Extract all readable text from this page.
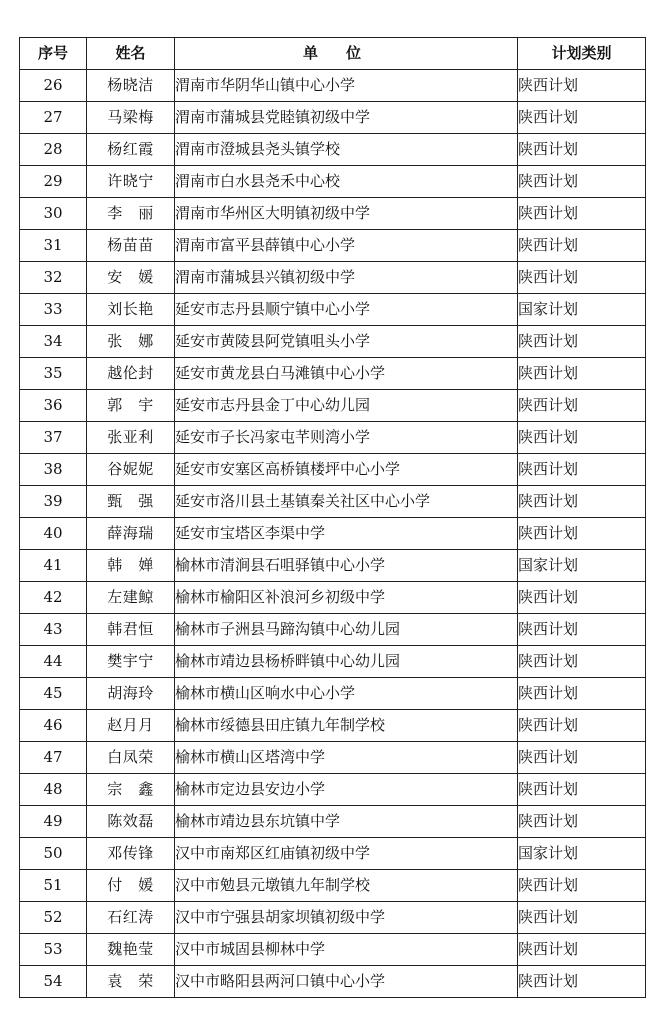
序号	姓名	单位	计划类别
26	杨晓洁	渭南市华阴华山镇中心小学	陕西计划
27	马梁梅	渭南市蒲城县党睦镇初级中学	陕西计划
28	杨红霞	渭南市澄城县尧头镇学校	陕西计划
29	许晓宁	渭南市白水县尧禾中心校	陕西计划
30	李　丽	渭南市华州区大明镇初级中学	陕西计划
31	杨苗苗	渭南市富平县薛镇中心小学	陕西计划
32	安　媛	渭南市蒲城县兴镇初级中学	陕西计划
33	刘长艳	延安市志丹县顺宁镇中心小学	国家计划
34	张　娜	延安市黄陵县阿党镇咀头小学	陕西计划
35	越伦封	延安市黄龙县白马滩镇中心小学	陕西计划
36	郭　宇	延安市志丹县金丁中心幼儿园	陕西计划
37	张亚利	延安市子长冯家屯芊则湾小学	陕西计划
38	谷妮妮	延安市安塞区高桥镇楼坪中心小学	陕西计划
39	甄　强	延安市洛川县土基镇秦关社区中心小学	陕西计划
40	薛海瑞	延安市宝塔区李渠中学	陕西计划
41	韩　婵	榆林市清涧县石咀驿镇中心小学	国家计划
42	左建鲸	榆林市榆阳区补浪河乡初级中学	陕西计划
43	韩君恒	榆林市子洲县马蹄沟镇中心幼儿园	陕西计划
44	樊宇宁	榆林市靖边县杨桥畔镇中心幼儿园	陕西计划
45	胡海玲	榆林市横山区响水中心小学	陕西计划
46	赵月月	榆林市绥德县田庄镇九年制学校	陕西计划
47	白凤荣	榆林市横山区塔湾中学	陕西计划
48	宗　鑫	榆林市定边县安边小学	陕西计划
49	陈效磊	榆林市靖边县东坑镇中学	陕西计划
50	邓传锋	汉中市南郑区红庙镇初级中学	国家计划
51	付　媛	汉中市勉县元墩镇九年制学校	陕西计划
52	石红涛	汉中市宁强县胡家坝镇初级中学	陕西计划
53	魏艳莹	汉中市城固县柳林中学	陕西计划
54	袁　荣	汉中市略阳县两河口镇中心小学	陕西计划
